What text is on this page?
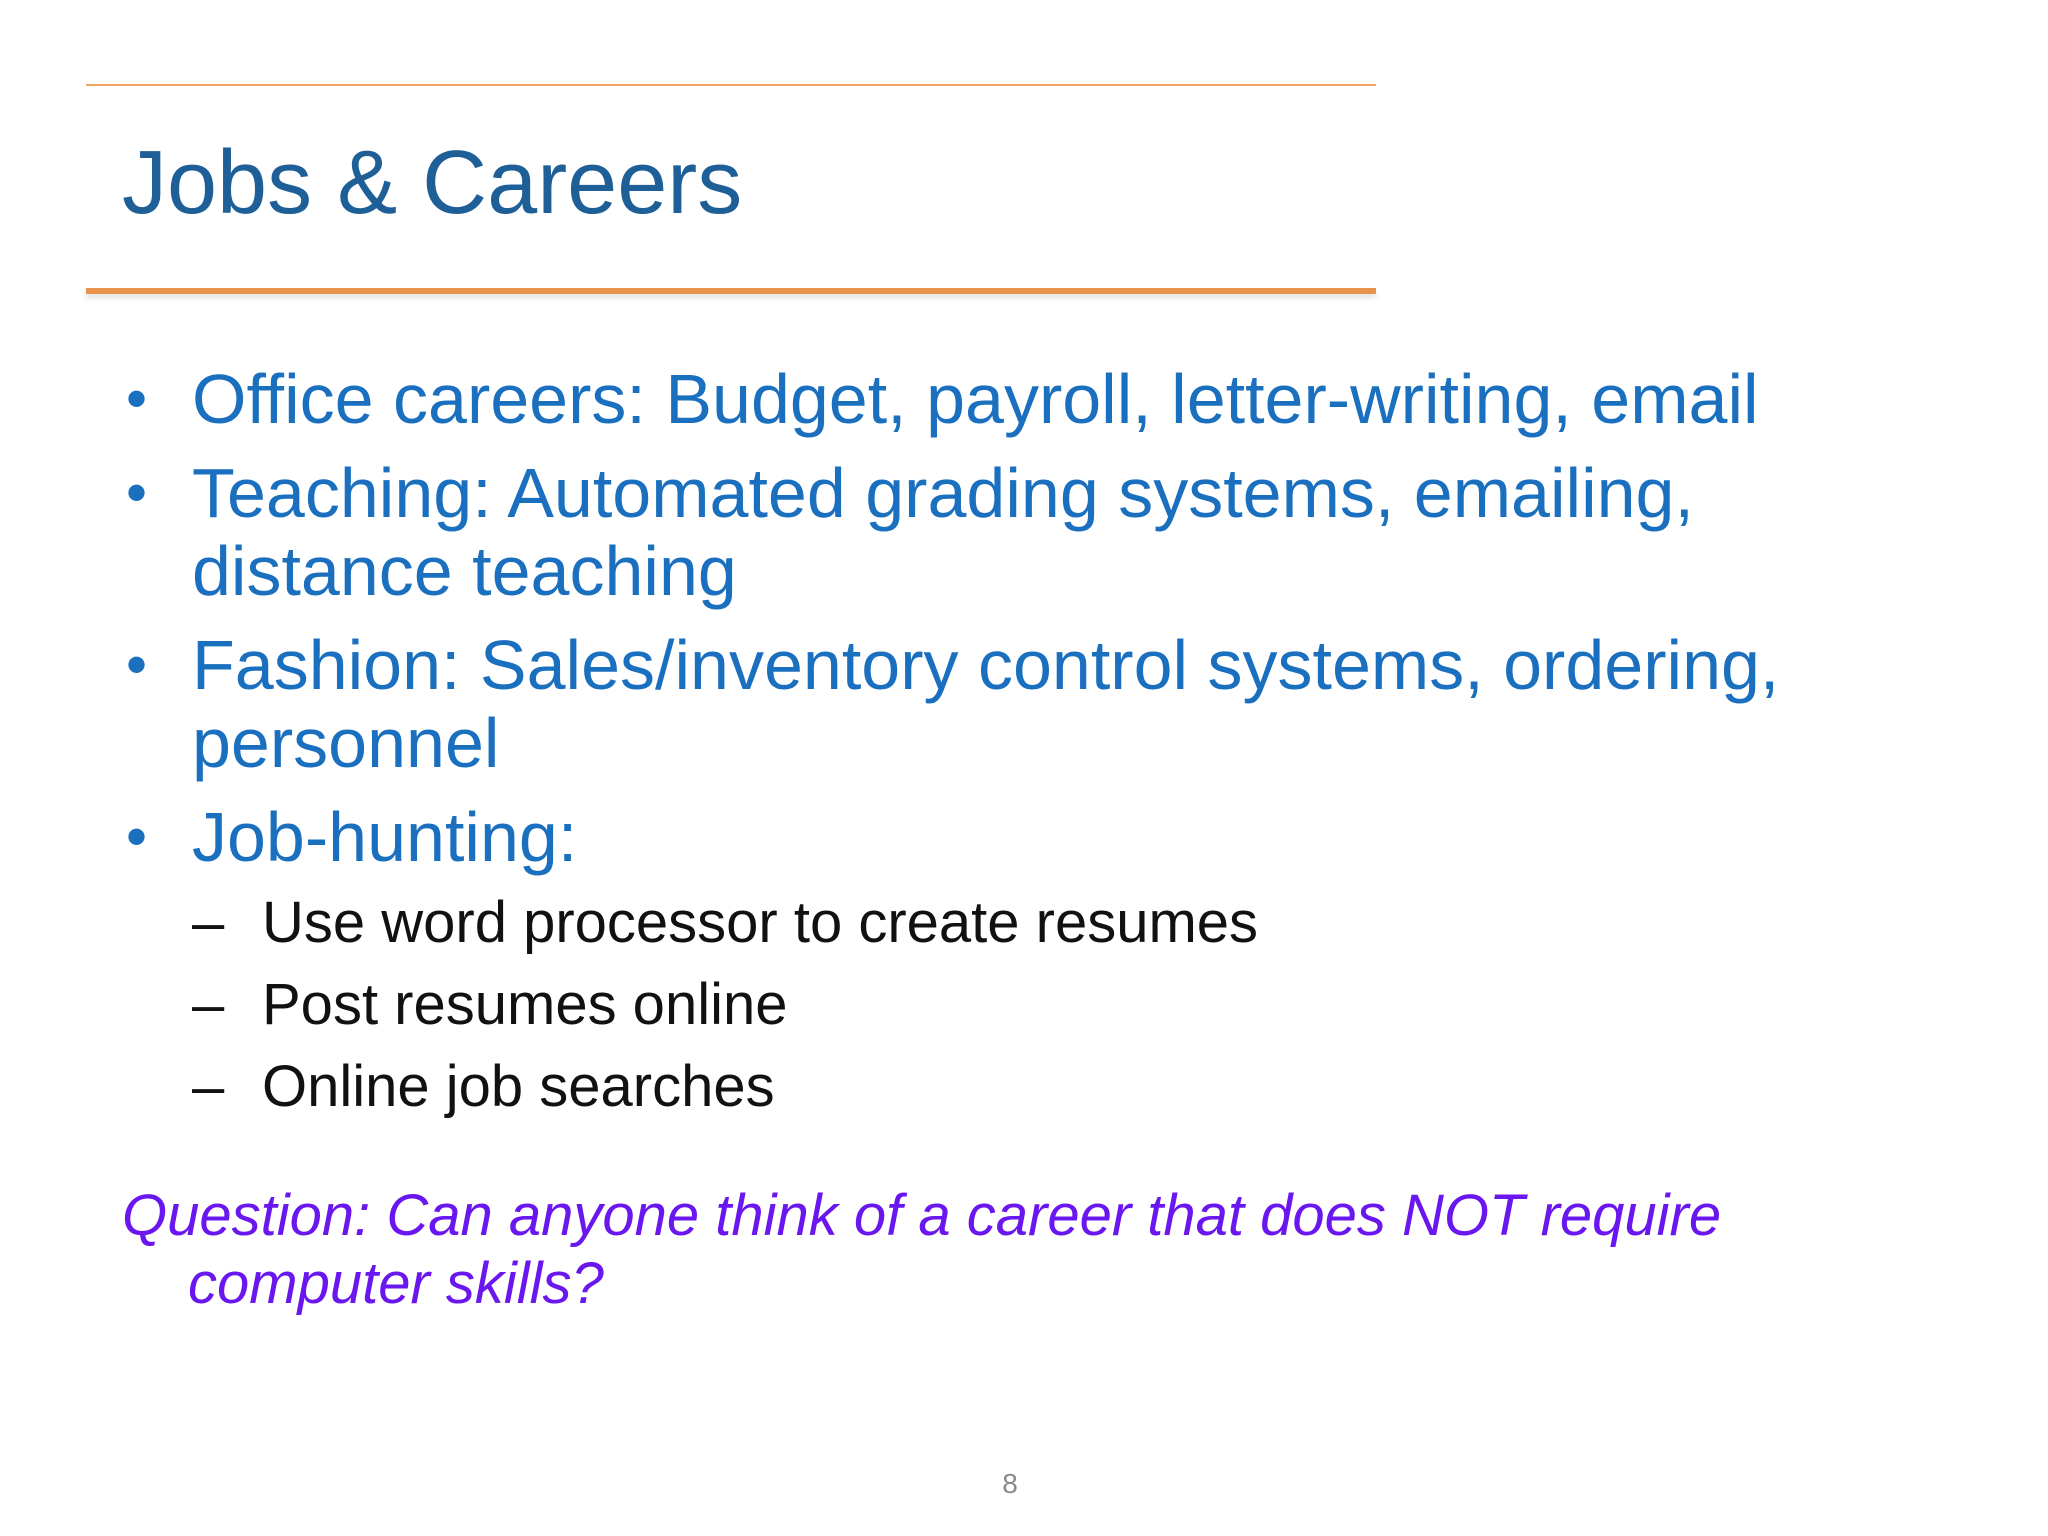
Jobs & Careers
• Office careers: Budget, payroll, letter-writing, email
• Teaching: Automated grading systems, emailing, distance teaching
• Fashion: Sales/inventory control systems, ordering, personnel
• Job-hunting:
– Use word processor to create resumes
– Post resumes online
– Online job searches

Question: Can anyone think of a career that does NOT require
computer skills?

8
